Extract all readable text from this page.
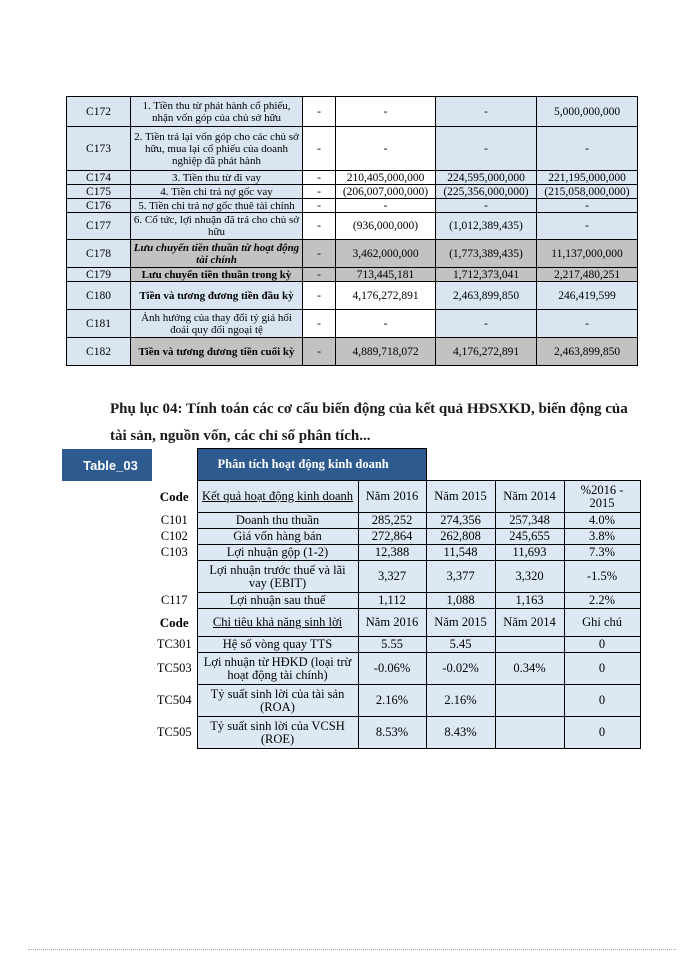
C172	1. Tiền thu từ phát hành cổ phiếu, nhận vốn góp của chủ sở hữu	-	-	-	5,000,000,000
C173	2. Tiền trả lại vốn góp cho các chủ sở hữu, mua lại cổ phiếu của doanh nghiệp đã phát hành	-	-	-	-
C174	3. Tiền thu từ đi vay	-	210,405,000,000	224,595,000,000	221,195,000,000
C175	4. Tiền chi trả nợ gốc vay	-	(206,007,000,000)	(225,356,000,000)	(215,058,000,000)
C176	5. Tiền chi trả nợ gốc thuê tài chính	-	-	-	-
C177	6. Cổ tức, lợi nhuận đã trả cho chủ sở hữu	-	(936,000,000)	(1,012,389,435)	-
C178	Lưu chuyển tiền thuần từ hoạt động tài chính	-	3,462,000,000	(1,773,389,435)	11,137,000,000
C179	Lưu chuyển tiền thuần trong kỳ	-	713,445,181	1,712,373,041	2,217,480,251
C180	Tiền và tương đương tiền đầu kỳ	-	4,176,272,891	2,463,899,850	246,419,599
C181	Ảnh hưởng của thay đổi tỷ giá hối đoái quy đổi ngoại tệ	-	-	-	-
C182	Tiền và tương đương tiền cuối kỳ	-	4,889,718,072	4,176,272,891	2,463,899,850
Phụ lục 04: Tính toán các cơ cấu biến động của kết quả HĐSXKD, biến động của tài sản, nguồn vốn, các chỉ số phân tích...
Table_03
		Phân tích hoạt động kinh doanh				
Code	Kết quả hoạt động kinh doanh	Năm 2016	Năm 2015	Năm 2014	%2016 - 2015
C101	Doanh thu thuần	285,252	274,356	257,348	4.0%
C102	Giá vốn hàng bán	272,864	262,808	245,655	3.8%
C103	Lợi nhuận gộp (1-2)	12,388	11,548	11,693	7.3%
	Lợi nhuận trước thuế và lãi vay (EBIT)	3,327	3,377	3,320	-1.5%
C117	Lợi nhuận sau thuế	1,112	1,088	1,163	2.2%
Code	Chỉ tiêu khả năng sinh lời	Năm 2016	Năm 2015	Năm 2014	Ghi chú
TC301	Hệ số vòng quay TTS	5.55	5.45		0
TC503	Lợi nhuận từ HĐKD (loại trừ hoạt động tài chính)	-0.06%	-0.02%	0.34%	0
TC504	Tỷ suất sinh lời của tài sản (ROA)	2.16%	2.16%		0
TC505	Tỷ suất sinh lời của VCSH (ROE)	8.53%	8.43%		0
